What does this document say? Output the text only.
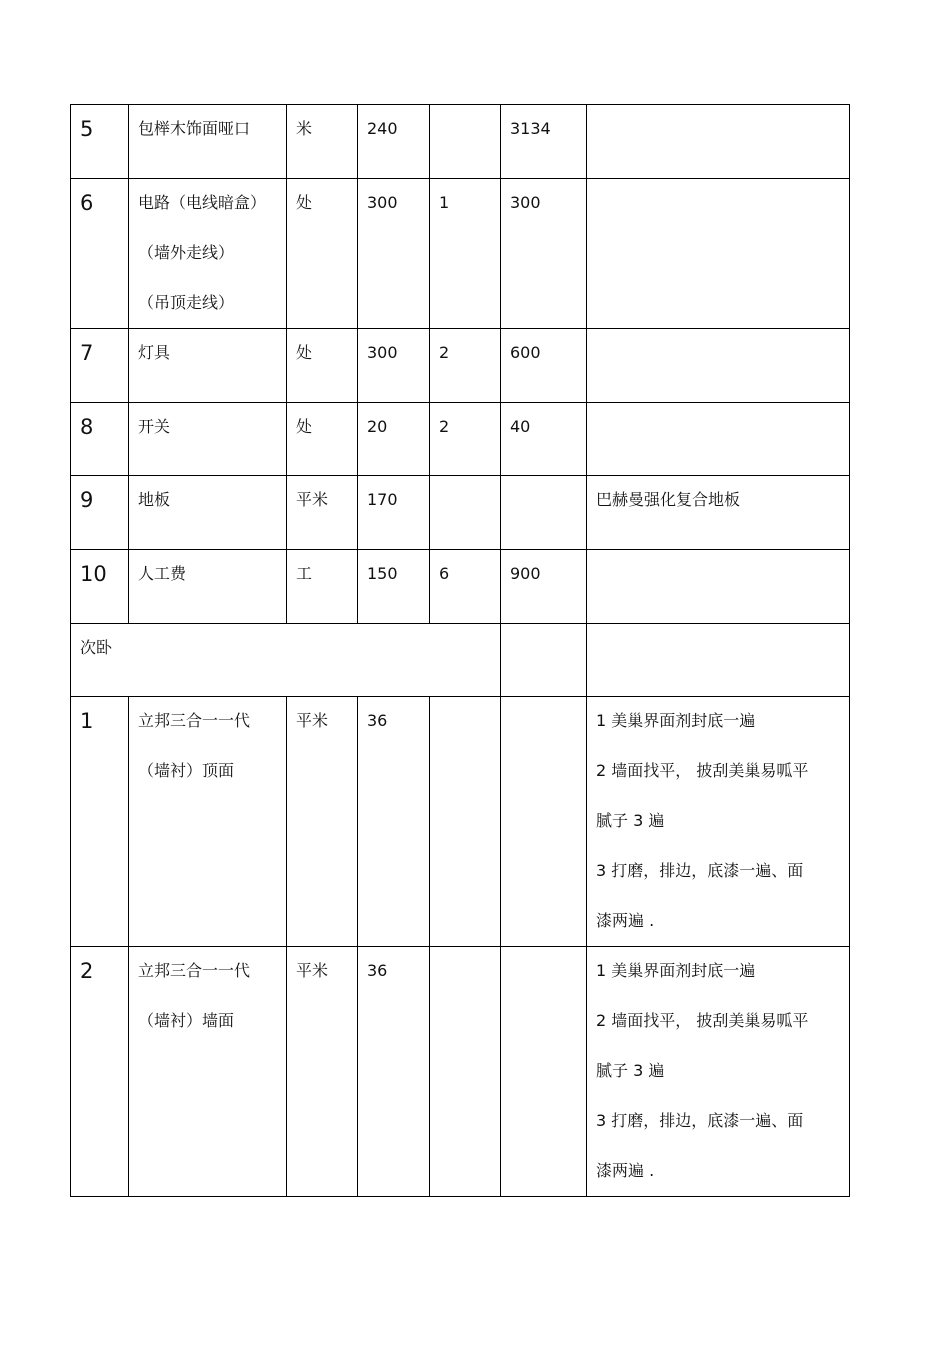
5	包榉木饰面哑口	米	240		3134	

6	电路（电线暗盒）
（墙外走线）
（吊顶走线）	处	300	1	300	

7	灯具	处	300	2	600	

8	开关	处	20	2	40	

9	地板	平米	170			巴赫曼强化复合地板

10	人工费	工	150	6	900	

次卧						

1	立邦三合一一代
（墙衬）顶面	平米	36			1 美巢界面剂封底一遍
2 墙面找平， 披刮美巢易呱平
腻子 3 遍
3 打磨，排边，底漆一遍、面
漆两遍 .

2	立邦三合一一代
（墙衬）墙面	平米	36			1 美巢界面剂封底一遍
2 墙面找平， 披刮美巢易呱平
腻子 3 遍
3 打磨，排边，底漆一遍、面
漆两遍 .
